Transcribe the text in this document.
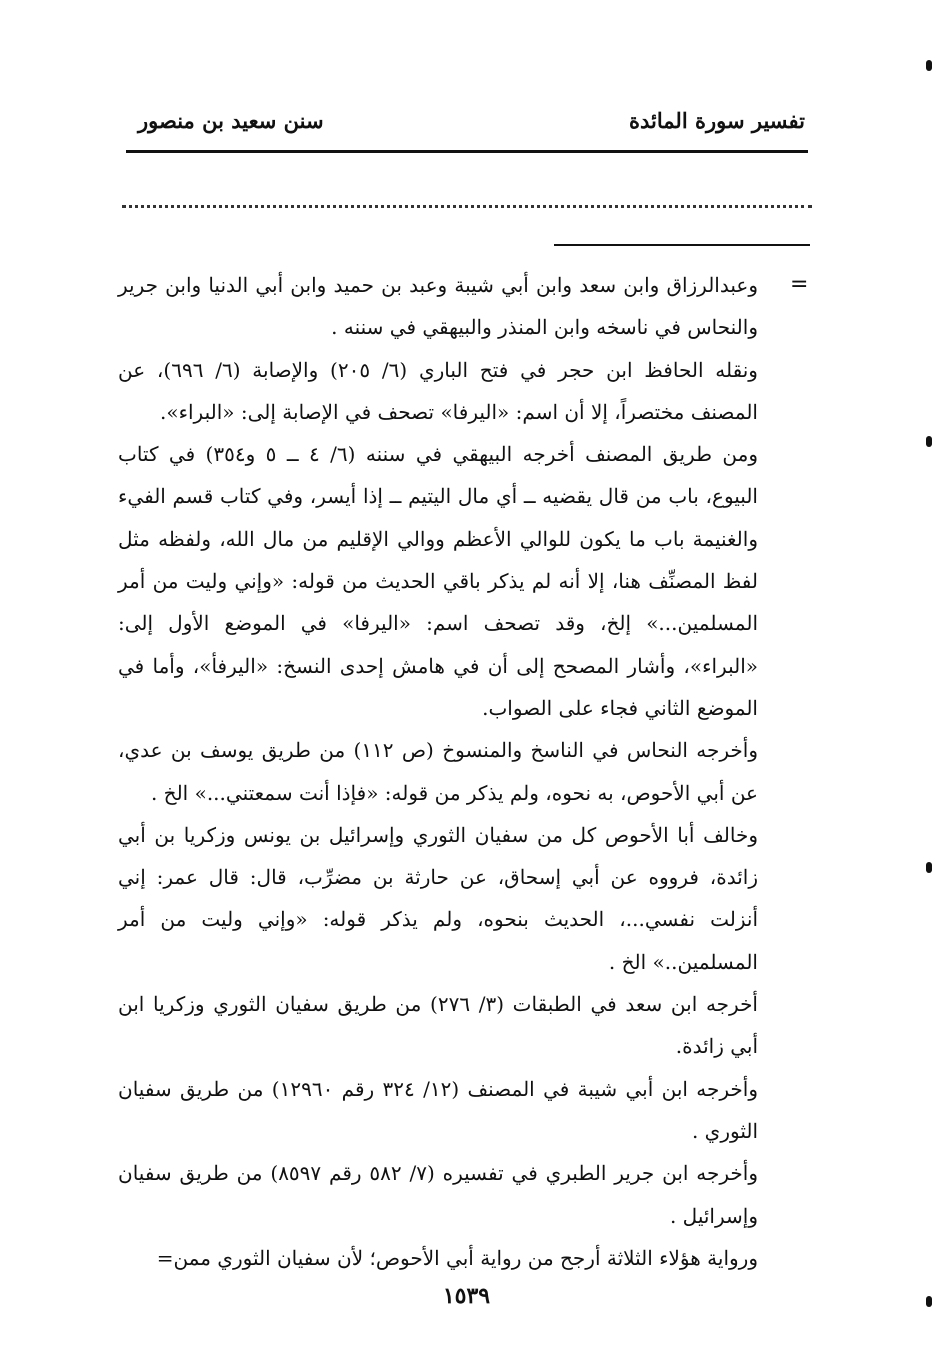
تفسير سورة المائدة
سنن سعيد بن منصور
=

وعبدالرزاق وابن سعد وابن أبي شيبة وعبد بن حميد وابن أبي الدنيا وابن جرير والنحاس في ناسخه وابن المنذر والبيهقي في سننه .

ونقله الحافظ ابن حجر في فتح الباري (٦/ ٢٠٥) والإصابة (٦/ ٦٩٦)، عن المصنف مختصراً، إلا أن اسم: «اليرفا» تصحف في الإصابة إلى: «البراء».

ومن طريق المصنف أخرجه البيهقي في سننه (٦/ ٤ ــ ٥ و٣٥٤) في كتاب البيوع، باب من قال يقضيه ــ أي مال اليتيم ــ إذا أيسر، وفي كتاب قسم الفيء والغنيمة باب ما يكون للوالي الأعظم ووالي الإقليم من مال الله، ولفظه مثل لفظ المصنِّف هنا، إلا أنه لم يذكر باقي الحديث من قوله: «وإني وليت من أمر المسلمين...» إلخ، وقد تصحف اسم: «اليرفا» في الموضع الأول إلى: «البراء»، وأشار المصحح إلى أن في هامش إحدى النسخ: «اليرفأ»، وأما في الموضع الثاني فجاء على الصواب.

وأخرجه النحاس في الناسخ والمنسوخ (ص ١١٢) من طريق يوسف بن عدي، عن أبي الأحوص، به نحوه، ولم يذكر من قوله: «فإذا أنت سمعتني...» الخ .

وخالف أبا الأحوص كل من سفيان الثوري وإسرائيل بن يونس وزكريا بن أبي زائدة، فرووه عن أبي إسحاق، عن حارثة بن مضرِّب، قال: قال عمر: إني أنزلت نفسي...، الحديث بنحوه، ولم يذكر قوله: «وإني وليت من أمر المسلمين..» الخ .

أخرجه ابن سعد في الطبقات (٣/ ٢٧٦) من طريق سفيان الثوري وزكريا ابن أبي زائدة.

وأخرجه ابن أبي شيبة في المصنف (١٢/ ٣٢٤ رقم ١٢٩٦٠) من طريق سفيان الثوري .

وأخرجه ابن جرير الطبري في تفسيره (٧/ ٥٨٢ رقم ٨٥٩٧) من طريق سفيان وإسرائيل .

ورواية هؤلاء الثلاثة أرجح من رواية أبي الأحوص؛ لأن سفيان الثوري ممن=

١٥٣٩
